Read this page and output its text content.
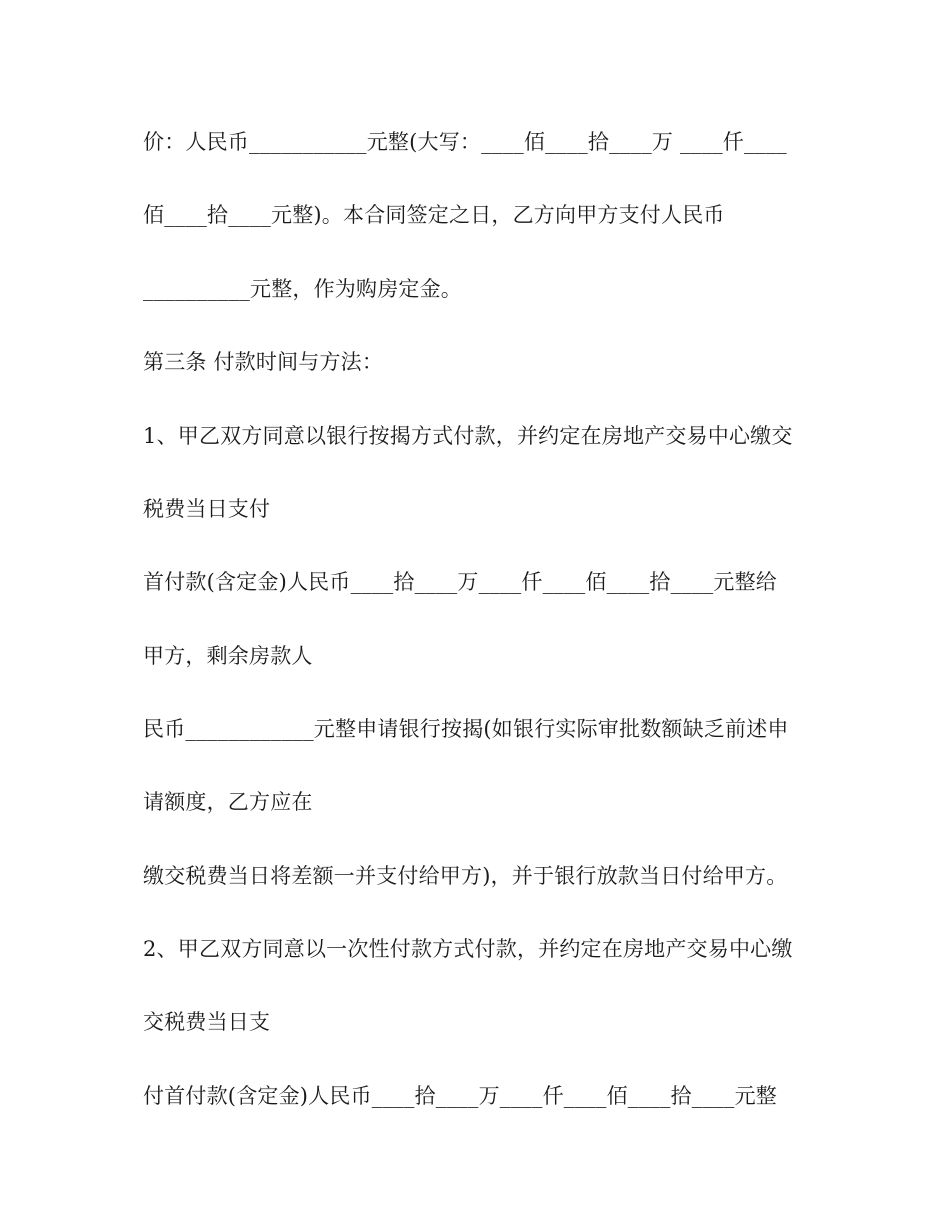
价：人民币___________元整(大写：____佰____拾____万 ____仟____
佰____拾____元整)。本合同签定之日，乙方向甲方支付人民币
__________元整，作为购房定金。
第三条 付款时间与方法：
1、甲乙双方同意以银行按揭方式付款，并约定在房地产交易中心缴交
税费当日支付
首付款(含定金)人民币____拾____万____仟____佰____拾____元整给
甲方，剩余房款人
民币____________元整申请银行按揭(如银行实际审批数额缺乏前述申
请额度，乙方应在
缴交税费当日将差额一并支付给甲方)，并于银行放款当日付给甲方。
2、甲乙双方同意以一次性付款方式付款，并约定在房地产交易中心缴
交税费当日支
付首付款(含定金)人民币____拾____万____仟____佰____拾____元整
